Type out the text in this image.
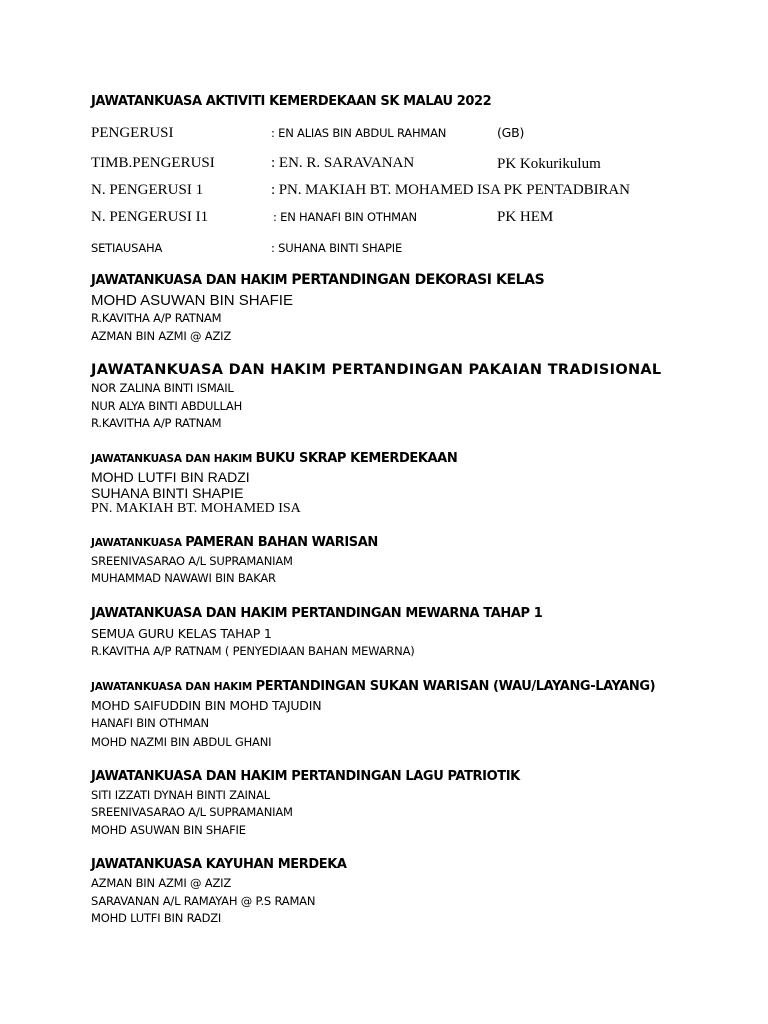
JAWATANKUASA AKTIVITI KEMERDEKAAN SK MALAU 2022
PENGERUSI	: EN ALIAS BIN ABDUL RAHMAN	(GB)
TIMB.PENGERUSI	: EN. R. SARAVANAN	PK Kokurikulum
N. PENGERUSI 1	: PN. MAKIAH BT. MOHAMED ISA PK PENTADBIRAN
N. PENGERUSI I1	: EN HANAFI BIN OTHMAN	PK HEM
SETIAUSAHA	: SUHANA BINTI SHAPIE
JAWATANKUASA DAN HAKIM PERTANDINGAN DEKORASI KELAS
MOHD ASUWAN BIN SHAFIE
R.KAVITHA A/P RATNAM
AZMAN BIN AZMI @ AZIZ
JAWATANKUASA DAN HAKIM PERTANDINGAN PAKAIAN TRADISIONAL
NOR ZALINA BINTI ISMAIL
NUR ALYA BINTI ABDULLAH
R.KAVITHA A/P RATNAM
JAWATANKUASA DAN HAKIM BUKU SKRAP KEMERDEKAAN
MOHD LUTFI BIN RADZI
SUHANA BINTI SHAPIE
PN. MAKIAH BT. MOHAMED ISA
JAWATANKUASA PAMERAN BAHAN WARISAN
SREENIVASARAO A/L SUPRAMANIAM
MUHAMMAD NAWAWI BIN BAKAR
JAWATANKUASA DAN HAKIM PERTANDINGAN MEWARNA TAHAP 1
SEMUA GURU KELAS TAHAP 1
R.KAVITHA A/P RATNAM ( PENYEDIAAN BAHAN MEWARNA)
JAWATANKUASA DAN HAKIM PERTANDINGAN SUKAN WARISAN (WAU/LAYANG-LAYANG)
MOHD SAIFUDDIN BIN MOHD TAJUDIN
HANAFI BIN OTHMAN
MOHD NAZMI BIN ABDUL GHANI
JAWATANKUASA DAN HAKIM PERTANDINGAN LAGU PATRIOTIK
SITI IZZATI DYNAH BINTI ZAINAL
SREENIVASARAO A/L SUPRAMANIAM
MOHD ASUWAN BIN SHAFIE
JAWATANKUASA KAYUHAN MERDEKA
AZMAN BIN AZMI @ AZIZ
SARAVANAN A/L RAMAYAH @ P.S RAMAN
MOHD LUTFI BIN RADZI
